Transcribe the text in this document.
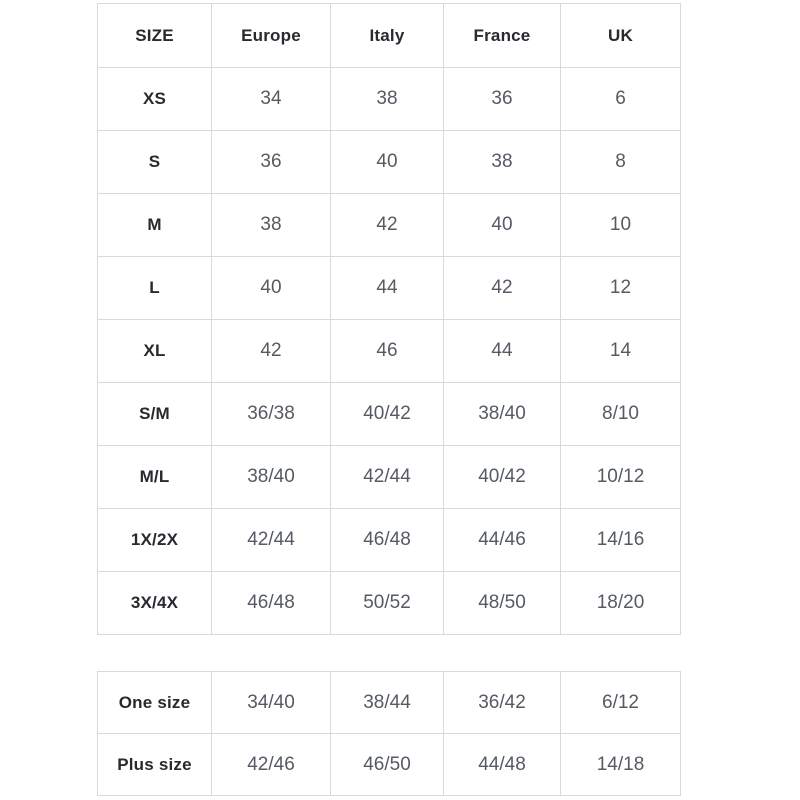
SIZE	Europe	Italy	France	UK
XS	34	38	36	6
S	36	40	38	8
M	38	42	40	10
L	40	44	42	12
XL	42	46	44	14
S/M	36/38	40/42	38/40	8/10
M/L	38/40	42/44	40/42	10/12
1X/2X	42/44	46/48	44/46	14/16
3X/4X	46/48	50/52	48/50	18/20
One size	34/40	38/44	36/42	6/12
Plus size	42/46	46/50	44/48	14/18
